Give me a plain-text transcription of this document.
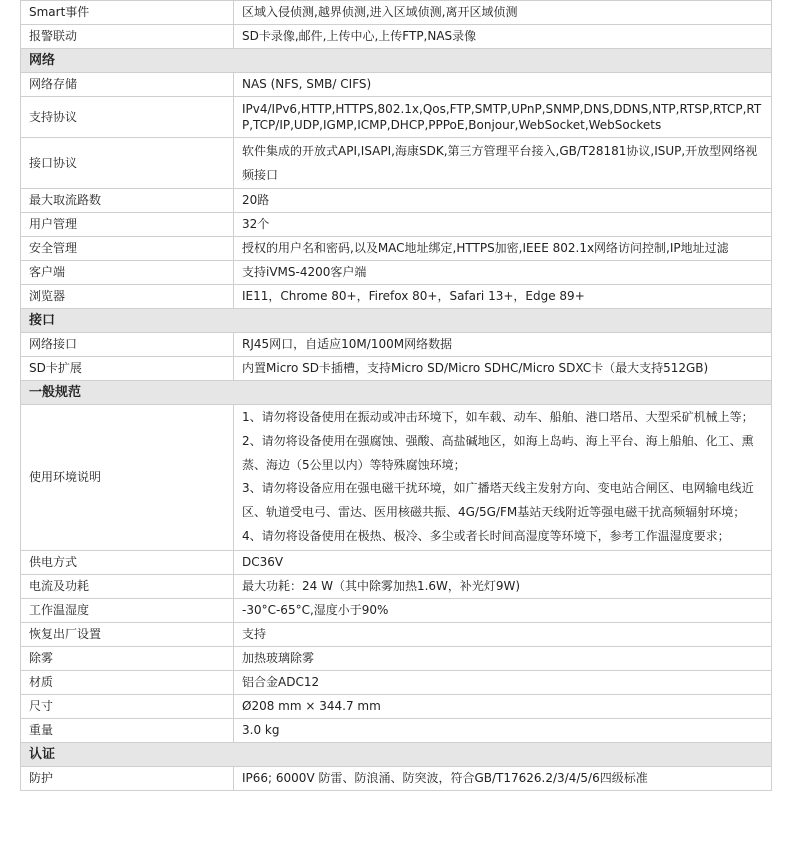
Smart事件	区域入侵侦测,越界侦测,进入区域侦测,离开区域侦测
报警联动	SD卡录像,邮件,上传中心,上传FTP,NAS录像
网络	
网络存储	NAS (NFS, SMB/ CIFS)
支持协议	IPv4/IPv6,HTTP,HTTPS,802.1x,Qos,FTP,SMTP,UPnP,SNMP,DNS,DDNS,NTP,RTSP,RTCP,RTP,TCP/IP,UDP,IGMP,ICMP,DHCP,PPPoE,Bonjour,WebSocket,WebSockets
接口协议	软件集成的开放式API,ISAPI,海康SDK,第三方管理平台接入,GB/T28181协议,ISUP,开放型网络视频接口
最大取流路数	20路
用户管理	32个
安全管理	授权的用户名和密码,以及MAC地址绑定,HTTPS加密,IEEE 802.1x网络访问控制,IP地址过滤
客户端	支持iVMS-4200客户端
浏览器	IE11，Chrome 80+，Firefox 80+，Safari 13+，Edge 89+
接口	
网络接口	RJ45网口，自适应10M/100M网络数据
SD卡扩展	内置Micro SD卡插槽，支持Micro SD/Micro SDHC/Micro SDXC卡（最大支持512GB)
一般规范	
使用环境说明	1、请勿将设备使用在振动或冲击环境下，如车载、动车、船舶、港口塔吊、大型采矿机械上等；
2、请勿将设备使用在强腐蚀、强酸、高盐碱地区，如海上岛屿、海上平台、海上船舶、化工、熏蒸、海边（5公里以内）等特殊腐蚀环境；
3、请勿将设备应用在强电磁干扰环境，如广播塔天线主发射方向、变电站合闸区、电网输电线近区、轨道受电弓、雷达、医用核磁共振、4G/5G/FM基站天线附近等强电磁干扰高频辐射环境；
4、请勿将设备使用在极热、极冷、多尘或者长时间高湿度等环境下，参考工作温湿度要求；

供电方式	DC36V
电流及功耗	最大功耗：24 W（其中除雾加热1.6W，补光灯9W)
工作温湿度	-30°C-65°C,湿度小于90%
恢复出厂设置	支持
除雾	加热玻璃除雾
材质	铝合金ADC12
尺寸	Ø208 mm × 344.7 mm
重量	3.0 kg
认证	
防护	IP66; 6000V 防雷、防浪涌、防突波，符合GB/T17626.2/3/4/5/6四级标准
